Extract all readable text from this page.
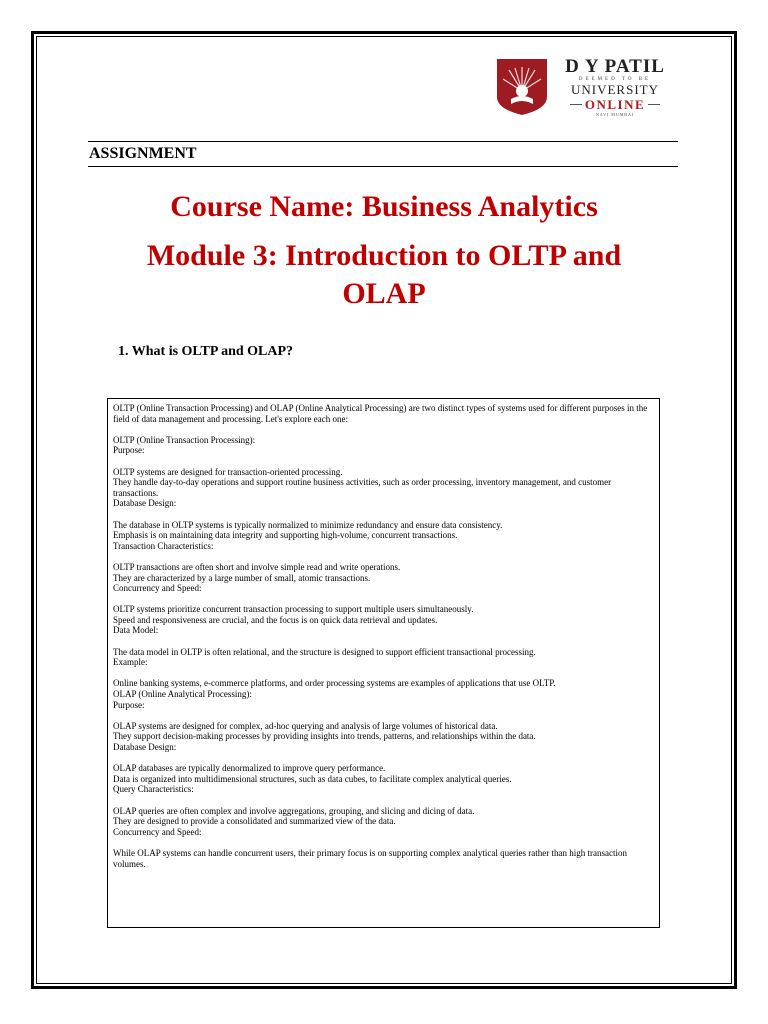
D Y PATIL
DEEMED TO BE
UNIVERSITY
ONLINE
NAVI MUMBAI
ASSIGNMENT
Course Name: Business Analytics
Module 3: Introduction to OLTP and
OLAP
1. What is OLTP and OLAP?

OLTP (Online Transaction Processing) and OLAP (Online Analytical Processing) are two distinct types of systems used for different purposes in the field of data management and processing. Let's explore each one:

OLTP (Online Transaction Processing):

Purpose:

OLTP systems are designed for transaction-oriented processing.

They handle day-to-day operations and support routine business activities, such as order processing, inventory management, and customer transactions.

Database Design:

The database in OLTP systems is typically normalized to minimize redundancy and ensure data consistency.

Emphasis is on maintaining data integrity and supporting high-volume, concurrent transactions.

Transaction Characteristics:

OLTP transactions are often short and involve simple read and write operations.

They are characterized by a large number of small, atomic transactions.

Concurrency and Speed:

OLTP systems prioritize concurrent transaction processing to support multiple users simultaneously.

Speed and responsiveness are crucial, and the focus is on quick data retrieval and updates.

Data Model:

The data model in OLTP is often relational, and the structure is designed to support efficient transactional processing.

Example:

Online banking systems, e-commerce platforms, and order processing systems are examples of applications that use OLTP.

OLAP (Online Analytical Processing):

Purpose:

OLAP systems are designed for complex, ad-hoc querying and analysis of large volumes of historical data.

They support decision-making processes by providing insights into trends, patterns, and relationships within the data.

Database Design:

OLAP databases are typically denormalized to improve query performance.

Data is organized into multidimensional structures, such as data cubes, to facilitate complex analytical queries.

Query Characteristics:

OLAP queries are often complex and involve aggregations, grouping, and slicing and dicing of data.

They are designed to provide a consolidated and summarized view of the data.

Concurrency and Speed:

While OLAP systems can handle concurrent users, their primary focus is on supporting complex analytical queries rather than high transaction volumes.
